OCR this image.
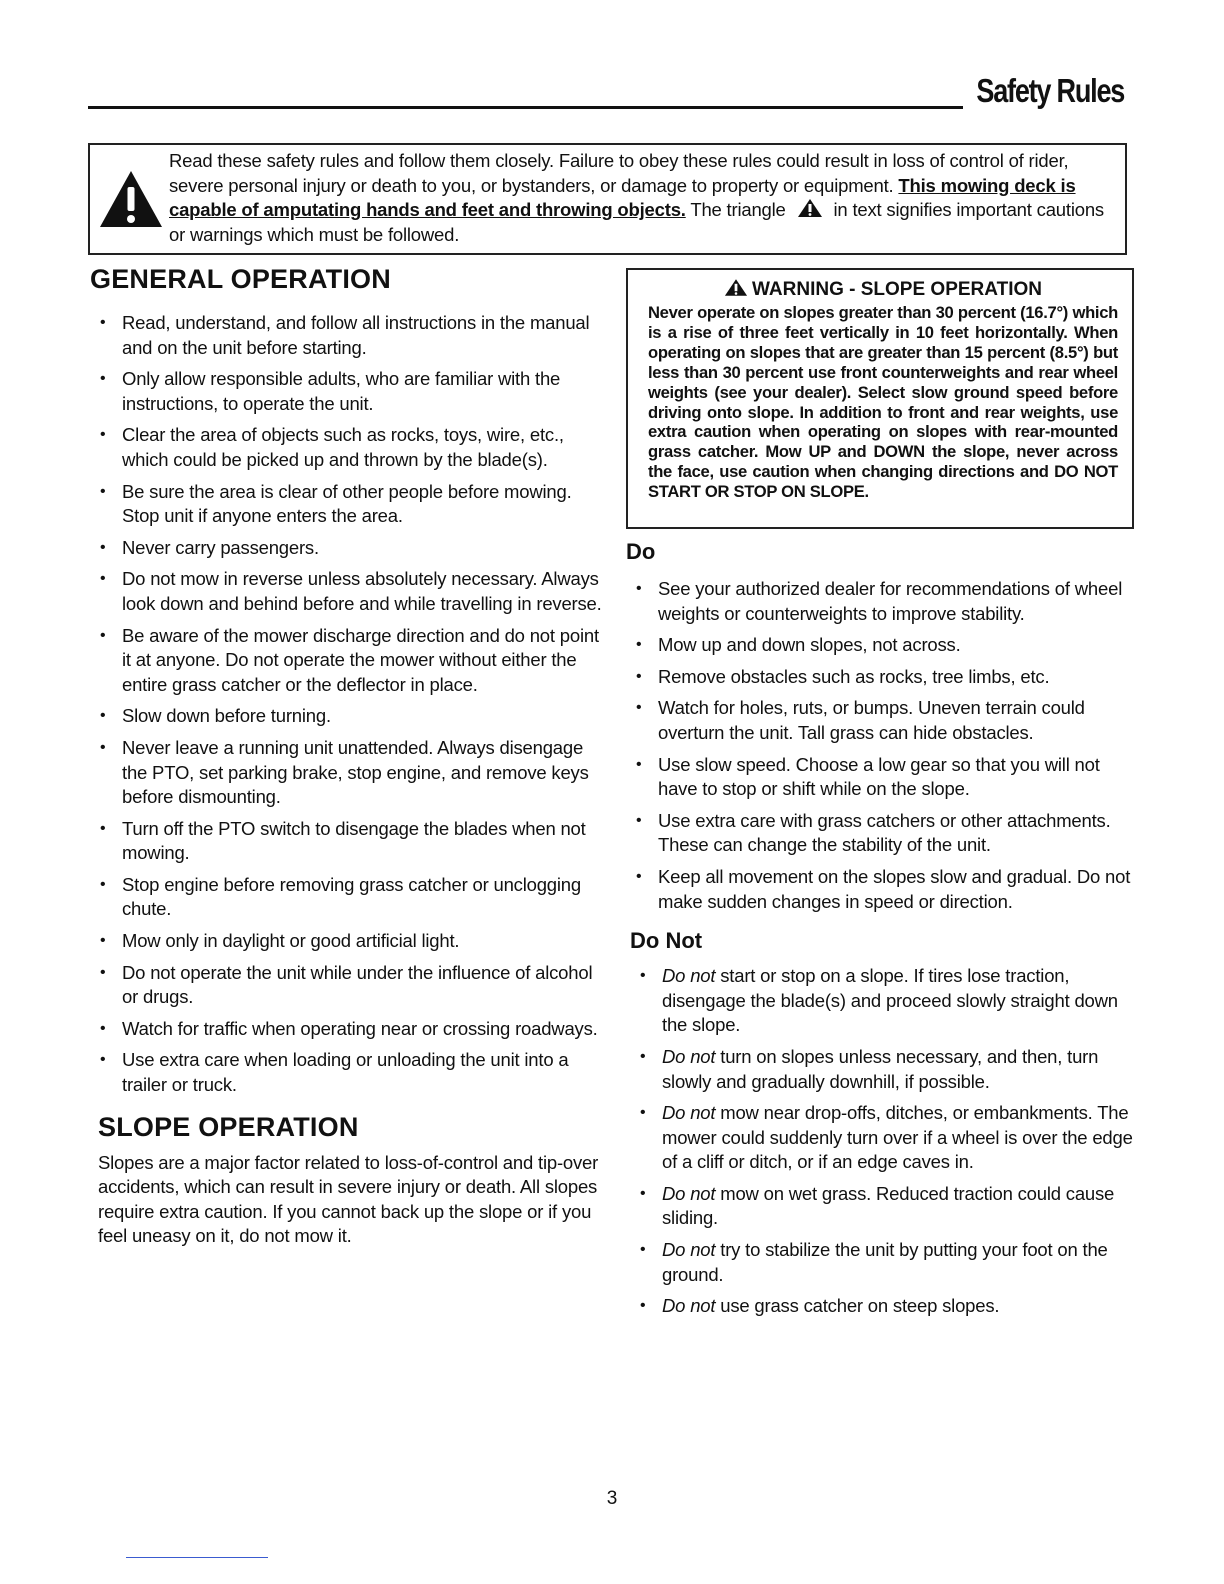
Safety Rules
Read these safety rules and follow them closely. Failure to obey these rules could result in loss of control of rider, severe personal injury or death to you, or bystanders, or damage to property or equipment. This mowing deck is capable of amputating hands and feet and throwing objects. The triangle  in text signifies important cautions or warnings which must be followed.
GENERAL OPERATION
• Read, understand, and follow all instructions in the manual and on the unit before starting.
• Only allow responsible adults, who are familiar with the instructions, to operate the unit.
• Clear the area of objects such as rocks, toys, wire, etc., which could be picked up and thrown by the blade(s).
• Be sure the area is clear of other people before mowing. Stop unit if anyone enters the area.
• Never carry passengers.
• Do not mow in reverse unless absolutely necessary. Always look down and behind before and while travelling in reverse.
• Be aware of the mower discharge direction and do not point it at anyone. Do not operate the mower without either the entire grass catcher or the deflector in place.
• Slow down before turning.
• Never leave a running unit unattended. Always disengage the PTO, set parking brake, stop engine, and remove keys before dismounting.
• Turn off the PTO switch to disengage the blades when not mowing.
• Stop engine before removing grass catcher or unclogging chute.
• Mow only in daylight or good artificial light.
• Do not operate the unit while under the influence of alcohol or drugs.
• Watch for traffic when operating near or crossing roadways.
• Use extra care when loading or unloading the unit into a trailer or truck.
SLOPE OPERATION
Slopes are a major factor related to loss-of-control and tip-over accidents, which can result in severe injury or death. All slopes require extra caution. If you cannot back up the slope or if you feel uneasy on it, do not mow it.
WARNING - SLOPE OPERATION
Never operate on slopes greater than 30 percent (16.7°) which is a rise of three feet vertically in 10 feet horizontally. When operating on slopes that are greater than 15 percent (8.5°) but less than 30 percent use front counterweights and rear wheel weights (see your dealer). Select slow ground speed before driving onto slope. In addition to front and rear weights, use extra caution when operating on slopes with rear-mounted grass catcher. Mow UP and DOWN the slope, never across the face, use caution when changing directions and DO NOT START OR STOP ON SLOPE.
Do
• See your authorized dealer for recommendations of wheel weights or counterweights to improve stability.
• Mow up and down slopes, not across.
• Remove obstacles such as rocks, tree limbs, etc.
• Watch for holes, ruts, or bumps. Uneven terrain could overturn the unit. Tall grass can hide obstacles.
• Use slow speed. Choose a low gear so that you will not have to stop or shift while on the slope.
• Use extra care with grass catchers or other attachments. These can change the stability of the unit.
• Keep all movement on the slopes slow and gradual. Do not make sudden changes in speed or direction.
Do Not
• Do not start or stop on a slope. If tires lose traction, disengage the blade(s) and proceed slowly straight down the slope.
• Do not turn on slopes unless necessary, and then, turn slowly and gradually downhill, if possible.
• Do not mow near drop-offs, ditches, or embankments. The mower could suddenly turn over if a wheel is over the edge of a cliff or ditch, or if an edge caves in.
• Do not mow on wet grass. Reduced traction could cause sliding.
• Do not try to stabilize the unit by putting your foot on the ground.
• Do not use grass catcher on steep slopes.
3
